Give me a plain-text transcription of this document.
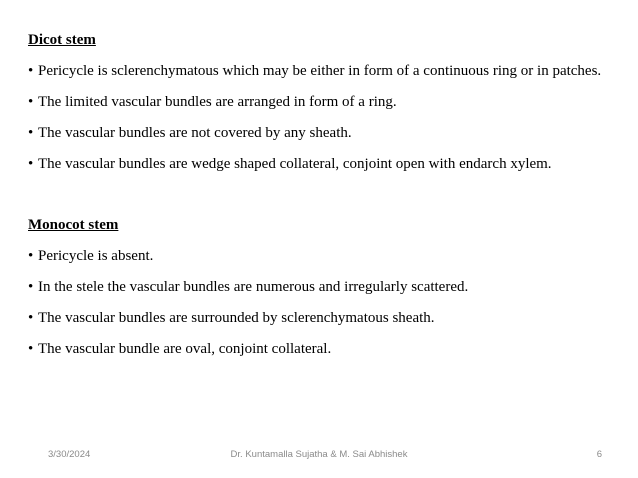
Dicot stem
• Pericycle is sclerenchymatous which may be either in form of a continuous ring or in patches.
• The limited vascular bundles are arranged in form of a ring.
• The vascular bundles are not covered by any sheath.
• The vascular bundles are wedge shaped collateral, conjoint open with endarch xylem.
Monocot stem
• Pericycle is absent.
• In the stele the vascular bundles are numerous and irregularly scattered.
• The vascular bundles are surrounded by sclerenchymatous sheath.
• The vascular bundle are oval, conjoint collateral.
3/30/2024	Dr. Kuntamalla Sujatha & M. Sai Abhishek	6
